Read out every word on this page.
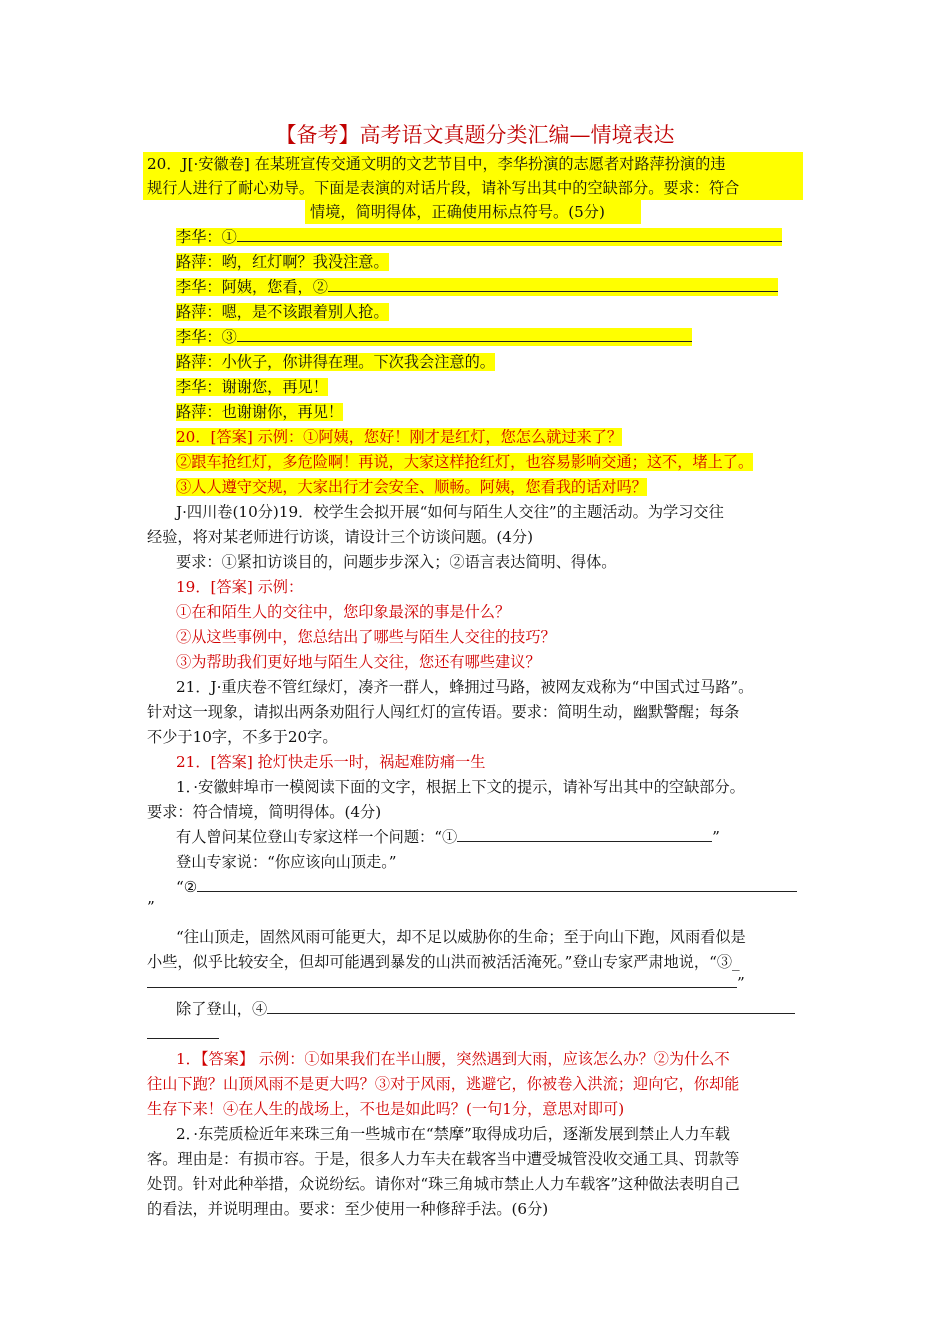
【备考】高考语文真题分类汇编—情境表达
20．J[·安徽卷] 在某班宣传交通文明的文艺节目中，李华扮演的志愿者对路萍扮演的违
规行人进行了耐心劝导。下面是表演的对话片段，请补写出其中的空缺部分。要求：符合
情境，简明得体，正确使用标点符号。(5分)
李华：①
路萍：哟，红灯啊？我没注意。
李华：阿姨，您看，②
路萍：嗯，是不该跟着别人抢。
李华：③
路萍：小伙子，你讲得在理。下次我会注意的。
李华：谢谢您，再见！
路萍：也谢谢你，再见！
20．[答案] 示例：①阿姨，您好！刚才是红灯，您怎么就过来了？
②跟车抢红灯，多危险啊！再说，大家这样抢红灯，也容易影响交通；这不，堵上了。
③人人遵守交规，大家出行才会安全、顺畅。阿姨，您看我的话对吗？
J·四川卷(10分)19．校学生会拟开展“如何与陌生人交往”的主题活动。为学习交往
经验，将对某老师进行访谈，请设计三个访谈问题。(4分)
要求：①紧扣访谈目的，问题步步深入；②语言表达简明、得体。
19．[答案] 示例：
①在和陌生人的交往中，您印象最深的事是什么？
②从这些事例中，您总结出了哪些与陌生人交往的技巧？
③为帮助我们更好地与陌生人交往，您还有哪些建议？
21．J·重庆卷不管红绿灯，凑齐一群人，蜂拥过马路，被网友戏称为“中国式过马路”。
针对这一现象，请拟出两条劝阻行人闯红灯的宣传语。要求：简明生动，幽默警醒；每条
不少于10字，不多于20字。
21．[答案] 抢灯快走乐一时，祸起难防痛一生
1．·安徽蚌埠市一模阅读下面的文字，根据上下文的提示，请补写出其中的空缺部分。
要求：符合情境，简明得体。(4分)
有人曾问某位登山专家这样一个问题：“①	”
登山专家说：“你应该向山顶走。”
“②
”
“往山顶走，固然风雨可能更大，却不足以威胁你的生命；至于向山下跑，风雨看似是
小些，似乎比较安全，但却可能遇到暴发的山洪而被活活淹死。”登山专家严肃地说，“③_
”
除了登山，④
1．【答案】 示例：①如果我们在半山腰，突然遇到大雨，应该怎么办？②为什么不
往山下跑？山顶风雨不是更大吗？③对于风雨，逃避它，你被卷入洪流；迎向它，你却能
生存下来！④在人生的战场上，不也是如此吗？(一句1分，意思对即可)
2．·东莞质检近年来珠三角一些城市在“禁摩”取得成功后，逐渐发展到禁止人力车载
客。理由是：有损市容。于是，很多人力车夫在载客当中遭受城管没收交通工具、罚款等
处罚。针对此种举措，众说纷纭。请你对“珠三角城市禁止人力车载客”这种做法表明自己
的看法，并说明理由。要求：至少使用一种修辞手法。(6分)
